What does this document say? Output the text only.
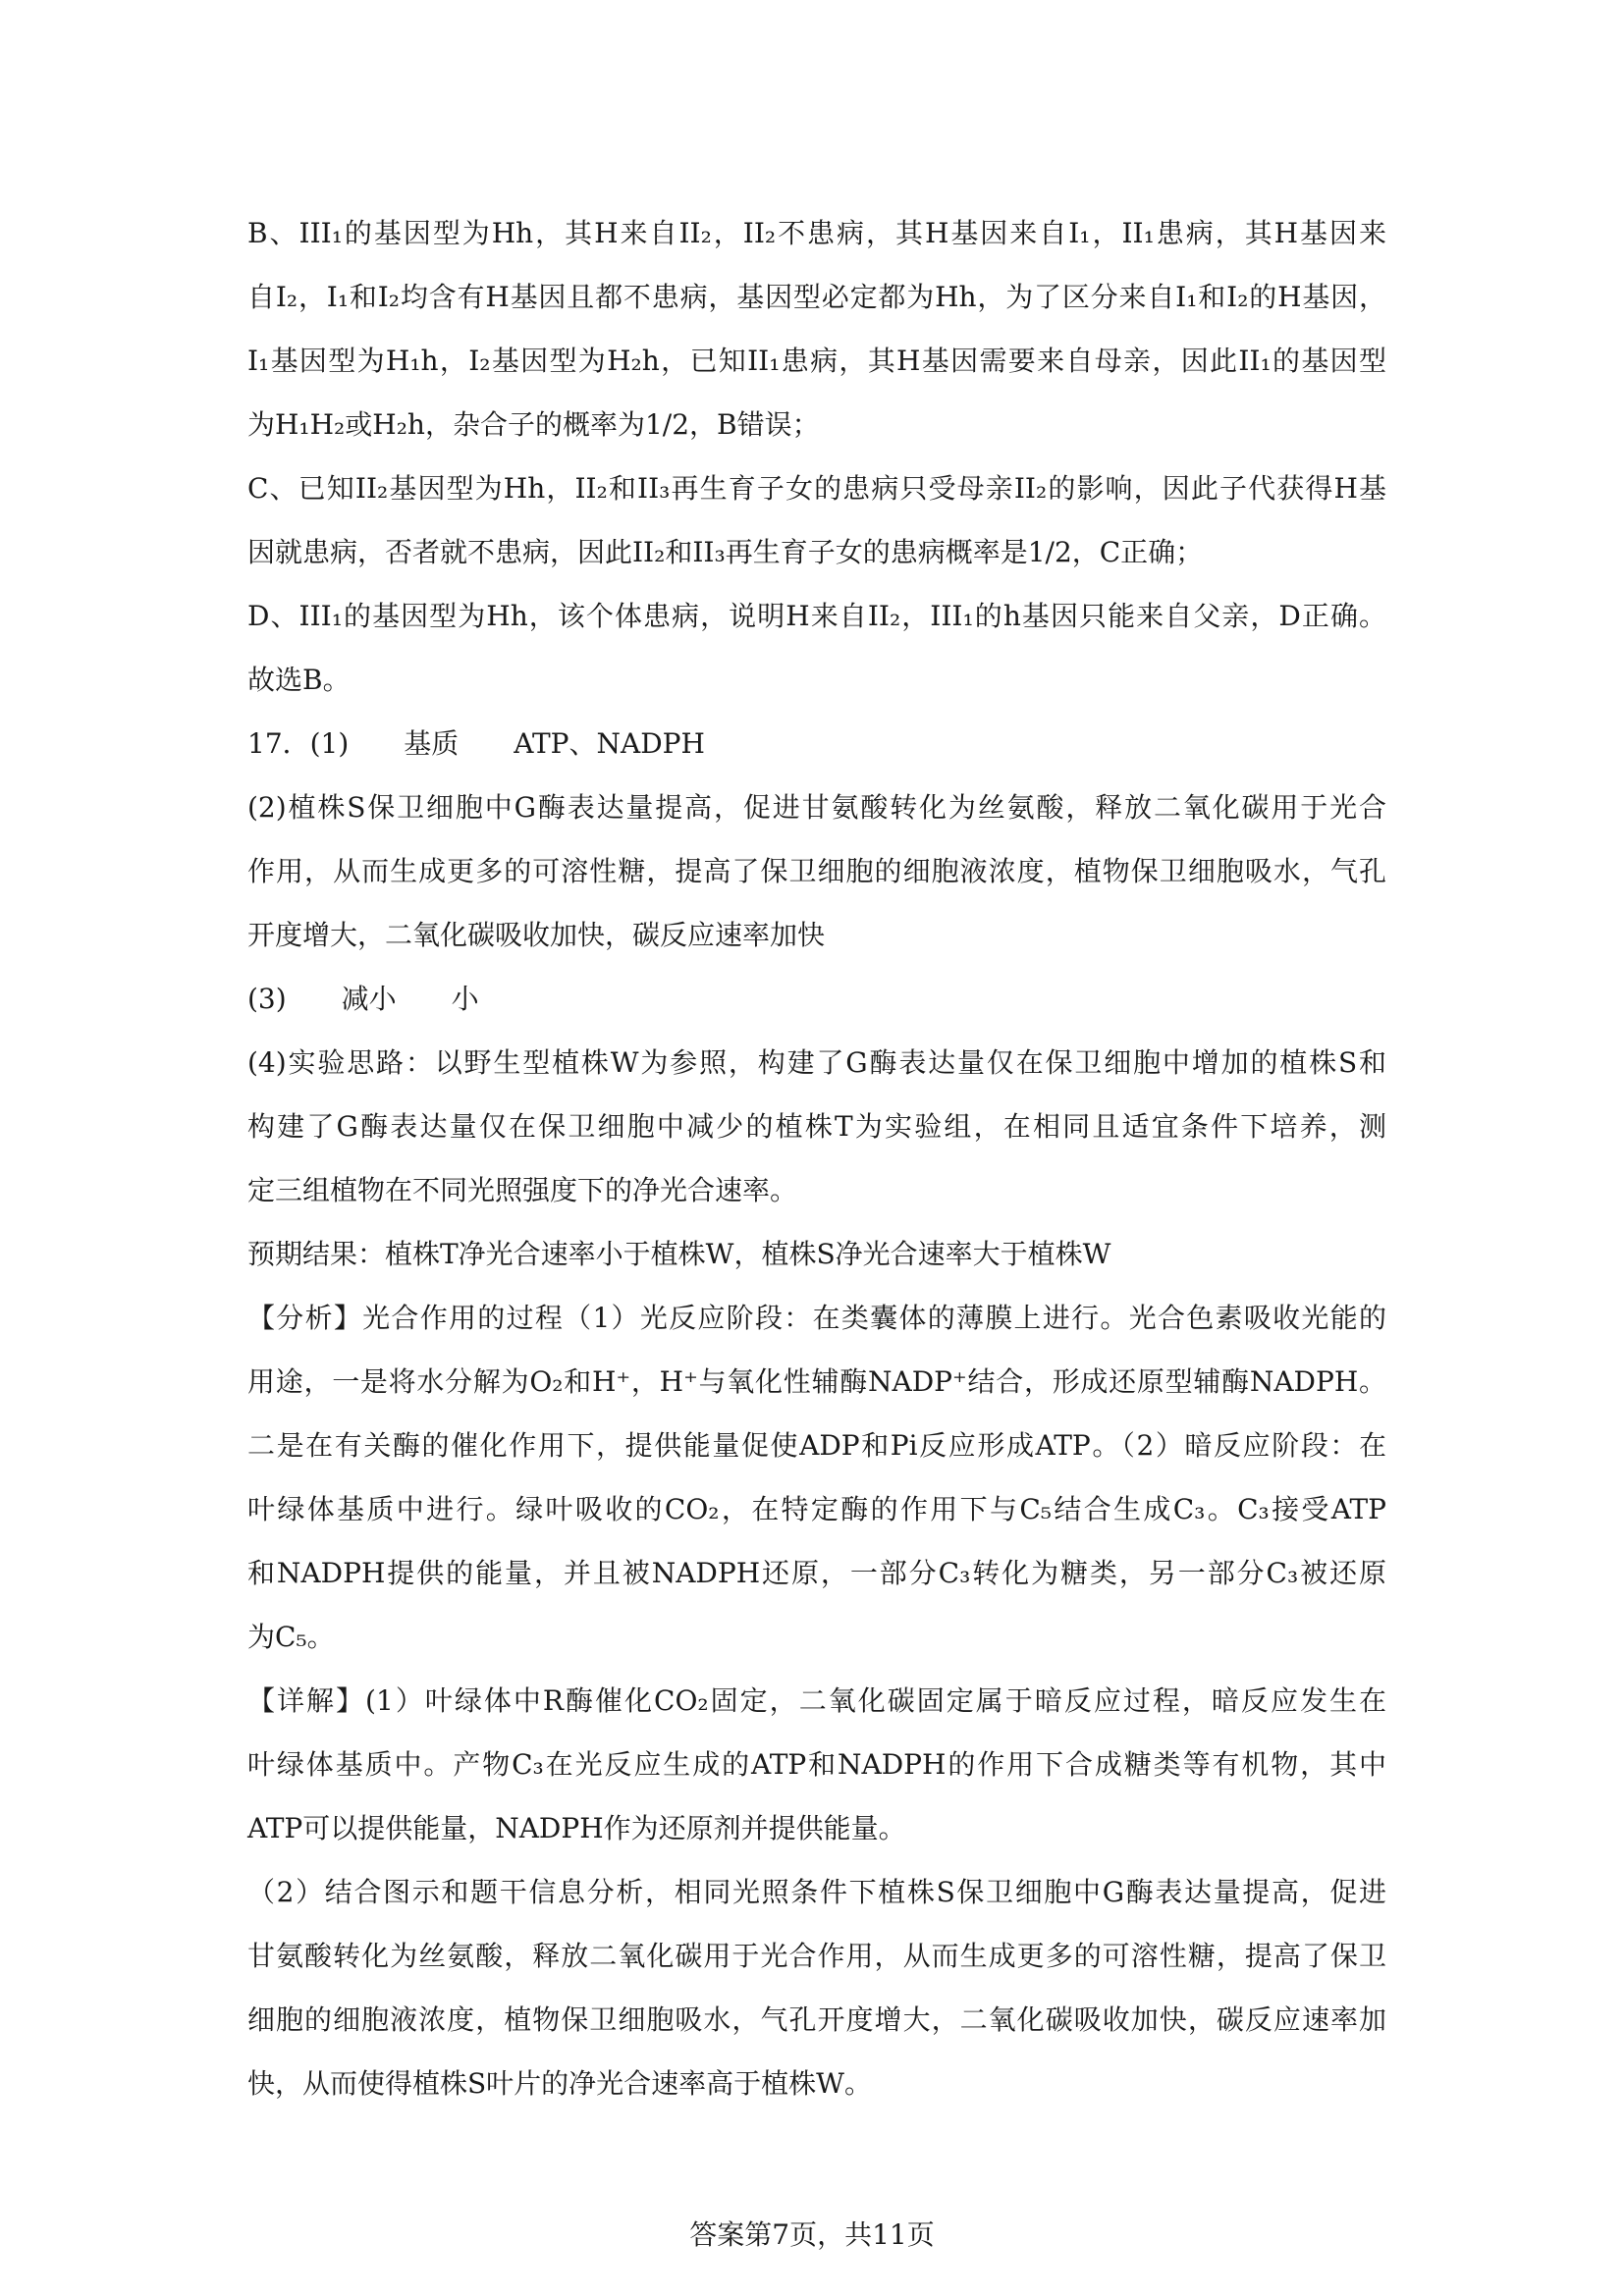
B、III₁的基因型为Hh，其H来自II₂，II₂不患病，其H基因来自I₁，II₁患病，其H基因来
自I₂，I₁和I₂均含有H基因且都不患病，基因型必定都为Hh，为了区分来自I₁和I₂的H基因，
I₁基因型为H₁h，I₂基因型为H₂h，已知II₁患病，其H基因需要来自母亲，因此II₁的基因型
为H₁H₂或H₂h，杂合子的概率为1/2，B错误；
C、已知II₂基因型为Hh，II₂和II₃再生育子女的患病只受母亲II₂的影响，因此子代获得H基
因就患病，否者就不患病，因此II₂和II₃再生育子女的患病概率是1/2，C正确；
D、III₁的基因型为Hh，该个体患病，说明H来自II₂，III₁的h基因只能来自父亲，D正确。
故选B。
17．(1)　　基质　　ATP、NADPH
(2)植株S保卫细胞中G酶表达量提高，促进甘氨酸转化为丝氨酸，释放二氧化碳用于光合
作用，从而生成更多的可溶性糖，提高了保卫细胞的细胞液浓度，植物保卫细胞吸水，气孔
开度增大，二氧化碳吸收加快，碳反应速率加快
(3)　　减小　　小
(4)实验思路：以野生型植株W为参照，构建了G酶表达量仅在保卫细胞中增加的植株S和
构建了G酶表达量仅在保卫细胞中减少的植株T为实验组，在相同且适宜条件下培养，测
定三组植物在不同光照强度下的净光合速率。
预期结果：植株T净光合速率小于植株W，植株S净光合速率大于植株W
【分析】光合作用的过程（1）光反应阶段：在类囊体的薄膜上进行。光合色素吸收光能的
用途，一是将水分解为O₂和H⁺，H⁺与氧化性辅酶NADP⁺结合，形成还原型辅酶NADPH。
二是在有关酶的催化作用下，提供能量促使ADP和Pi反应形成ATP。（2）暗反应阶段：在
叶绿体基质中进行。绿叶吸收的CO₂，在特定酶的作用下与C₅结合生成C₃。C₃接受ATP
和NADPH提供的能量，并且被NADPH还原，一部分C₃转化为糖类，另一部分C₃被还原
为C₅。
【详解】(1）叶绿体中R酶催化CO₂固定，二氧化碳固定属于暗反应过程，暗反应发生在
叶绿体基质中。产物C₃在光反应生成的ATP和NADPH的作用下合成糖类等有机物，其中
ATP可以提供能量，NADPH作为还原剂并提供能量。
（2）结合图示和题干信息分析，相同光照条件下植株S保卫细胞中G酶表达量提高，促进
甘氨酸转化为丝氨酸，释放二氧化碳用于光合作用，从而生成更多的可溶性糖，提高了保卫
细胞的细胞液浓度，植物保卫细胞吸水，气孔开度增大，二氧化碳吸收加快，碳反应速率加
快，从而使得植株S叶片的净光合速率高于植株W。
答案第7页，共11页
